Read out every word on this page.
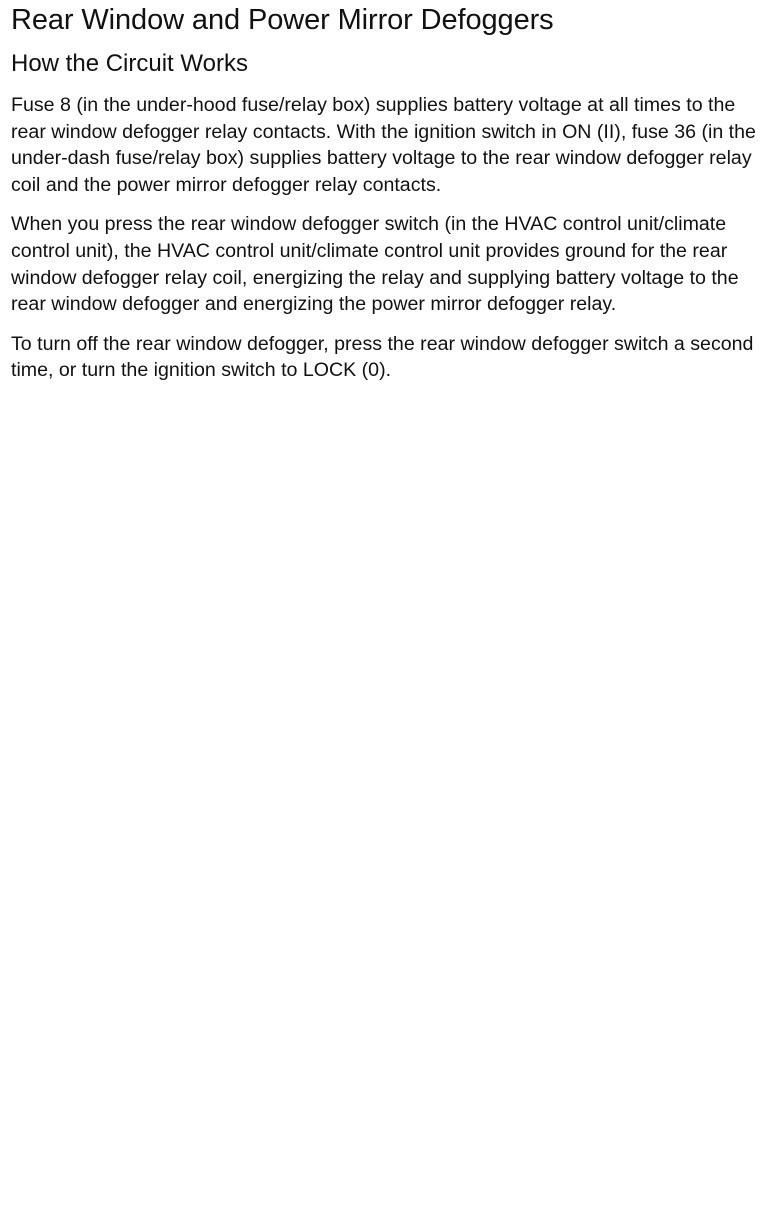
Rear Window and Power Mirror Defoggers
How the Circuit Works

Fuse 8 (in the under-hood fuse/relay box) supplies battery voltage at all times to the rear window defogger relay contacts. With the ignition switch in ON (II), fuse 36 (in the under-dash fuse/relay box) supplies battery voltage to the rear window defogger relay coil and the power mirror defogger relay contacts.

When you press the rear window defogger switch (in the HVAC control unit/climate control unit), the HVAC control unit/climate control unit provides ground for the rear window defogger relay coil, energizing the relay and supplying battery voltage to the rear window defogger and energizing the power mirror defogger relay.

To turn off the rear window defogger, press the rear window defogger switch a second time, or turn the ignition switch to LOCK (0).
